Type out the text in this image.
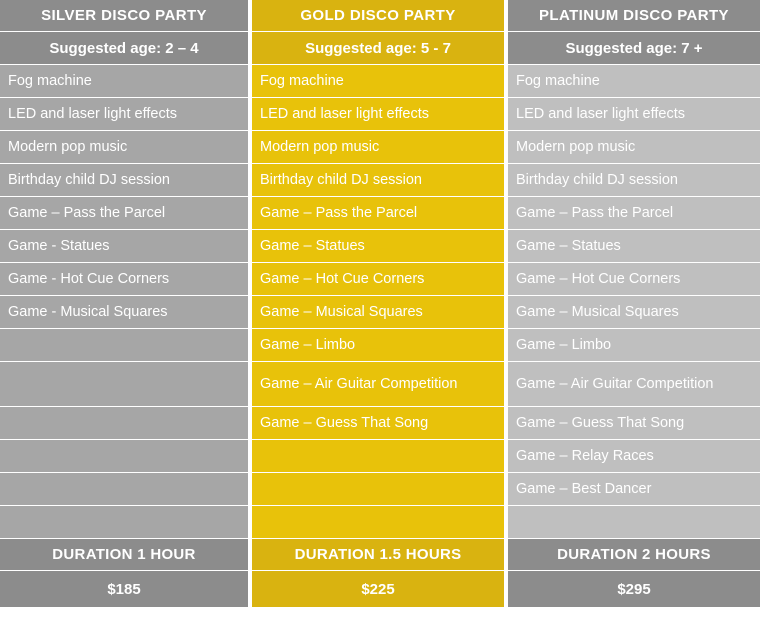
SILVER DISCO PARTY
Suggested age: 2 – 4
Fog machine
LED and laser light effects
Modern pop music
Birthday child DJ session
Game – Pass the Parcel
Game - Statues
Game - Hot Cue Corners
Game - Musical Squares
DURATION 1 HOUR
$185
GOLD DISCO PARTY
Suggested age: 5 - 7
Fog machine
LED and laser light effects
Modern pop music
Birthday child DJ session
Game – Pass the Parcel
Game – Statues
Game – Hot Cue Corners
Game – Musical Squares
Game – Limbo
Game – Air Guitar Competition
Game – Guess That Song
DURATION 1.5 HOURS
$225
PLATINUM DISCO PARTY
Suggested age: 7 +
Fog machine
LED and laser light effects
Modern pop music
Birthday child DJ session
Game – Pass the Parcel
Game – Statues
Game – Hot Cue Corners
Game – Musical Squares
Game – Limbo
Game – Air Guitar Competition
Game – Guess That Song
Game – Relay Races
Game – Best Dancer
DURATION 2 HOURS
$295
